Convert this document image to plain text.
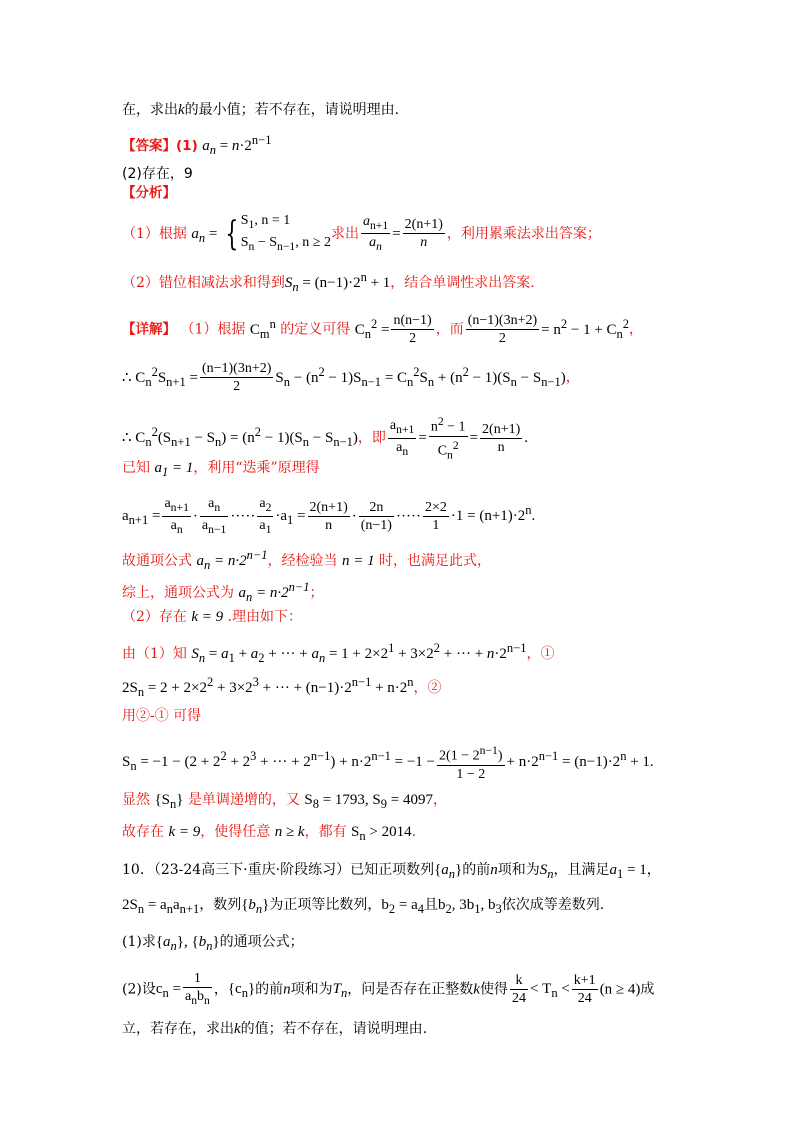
在，求出k的最小值；若不存在，请说明理由.
【答案】(1) $a_n = n\cdot 2^{n-1}$
(2)存在，9
【分析】
（1）根据 $a_n$ = { $S_1$, n = 1
$S_n - S_{n-1}$, n ≥ 2
求出 $\frac{a_{n+1}}{a_n} = \frac{2(n+1)}{n}$ ，利用累乘法求出答案；
（2）错位相减法求和得到$S_n = (n-1)\cdot 2^n + 1$，结合单调性求出答案.
【详解】 （1）根据 $C_m^n$ 的定义可得 $C_n^2 = \frac{n(n-1)}{2}$ ，而 $\frac{(n-1)(3n+2)}{2} = n^2 - 1 + C_n^2$，
∴ $C_n^2S_{n+1} = \frac{(n-1)(3n+2)}{2} S_n - (n^2 - 1)S_{n-1} = C_n^2S_n + (n^2 - 1)(S_n - S_{n-1})$，
∴ $C_n^2(S_{n+1} - S_n) = (n^2 - 1)(S_n - S_{n-1})$，即 $\frac{a_{n+1}}{a_n} = \frac{n^2 - 1}{C_n^2} = \frac{2(n+1)}{n}$ .
已知 $a_1 = 1$，利用“迭乘”原理得
$a_{n+1} = \frac{a_{n+1}}{a_n} \cdot \frac{a_n}{a_{n-1}}$ ····· $\frac{a_2}{a_1} \cdot a_1 = \frac{2(n+1)}{n} \cdot \frac{2n}{(n-1)}$ ····· $\frac{2\times 2}{1} \cdot 1 = (n+1)\cdot 2^n$.
故通项公式 $a_n = n\cdot 2^{n-1}$，经检验当 n = 1 时，也满足此式，
综上，通项公式为 $a_n = n\cdot 2^{n-1}$；
（2）存在 k = 9 .理由如下：
由（1）知 $S_n = a_1 + a_2$ + ··· + $a_n = 1 + 2\times 2^1 + 3\times 2^2$ + ··· + $n\cdot 2^{n-1}$，①
$2S_n = 2 + 2\times 2^2 + 3\times 2^3$ + ··· + $(n-1)\cdot 2^{n-1} + n\cdot 2^n$，②
用②-① 可得
$S_n = -1 - (2 + 2^2 + 2^3$ + ··· + $2^{n-1}) + n\cdot 2^{n-1} = -1 - \frac{2(1 - 2^{n-1})}{1 - 2} + n\cdot 2^{n-1} = (n-1)\cdot 2^n + 1$.
显然 $\{S_n\}$ 是单调递增的，又 $S_8 = 1793$, $S_9 = 4097$，
故存在 k = 9，使得任意 n ≥ k，都有 $S_n > 2014$.
10．（23-24高三下·重庆·阶段练习）已知正项数列$\{a_n\}$的前n项和为$S_n$，且满足$a_1 = 1$，
$2S_n = a_na_{n+1}$，数列$\{b_n\}$为正项等比数列，$b_2 = a_4$且$b_2$, $3b_1$, $b_3$依次成等差数列.
(1)求$\{a_n\}$, $\{b_n\}$的通项公式；
(2)设$c_n = \frac{1}{a_nb_n}$ ，$\{c_n\}$的前n项和为$T_n$，问是否存在正整数k使得 $\frac{k}{24} < T_n < \frac{k+1}{24} (n \ge 4)$成
立，若存在，求出k的值；若不存在，请说明理由.
